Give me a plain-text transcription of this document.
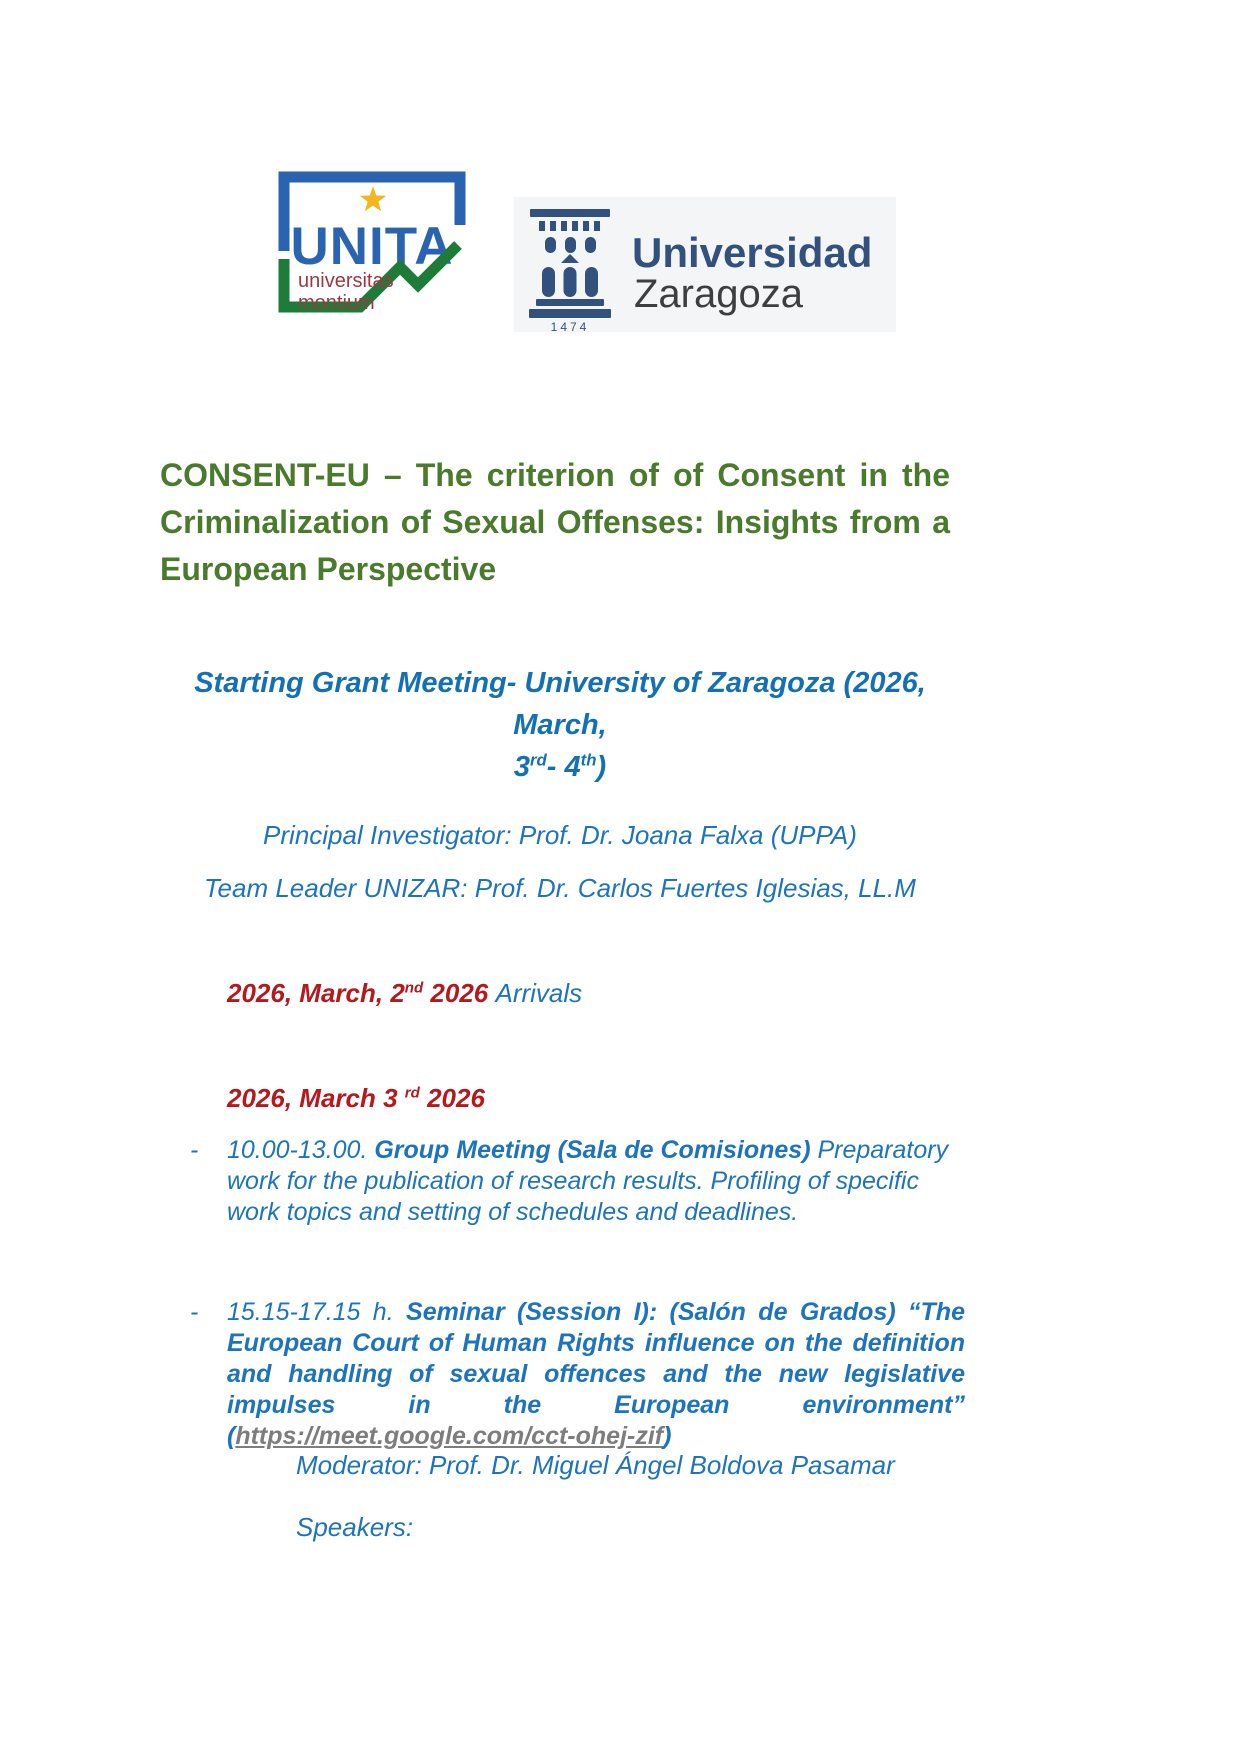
UNITA
universitas
montium
1474
Universidad
Zaragoza
CONSENT-EU – The criterion of of Consent in the
Criminalization of Sexual Offenses: Insights from a
European Perspective
Starting Grant Meeting- University of Zaragoza (2026, March,
3rd- 4th)
Principal Investigator: Prof. Dr. Joana Falxa (UPPA)
Team Leader UNIZAR: Prof. Dr. Carlos Fuertes Iglesias, LL.M
2026, March, 2nd 2026 Arrivals
2026, March 3 $^{rd}$ 2026
-	10.00-13.00. Group Meeting (Sala de Comisiones) Preparatory work for the publication of research results. Profiling of specific work topics and setting of schedules and deadlines.
-	15.15-17.15 h. Seminar (Session I): (Salón de Grados) “The European Court of Human Rights influence on the definition and handling of sexual offences and the new legislative impulses in the European environment” (https://meet.google.com/cct-ohej-zif)
Moderator: Prof. Dr. Miguel Ángel Boldova Pasamar
Speakers:
